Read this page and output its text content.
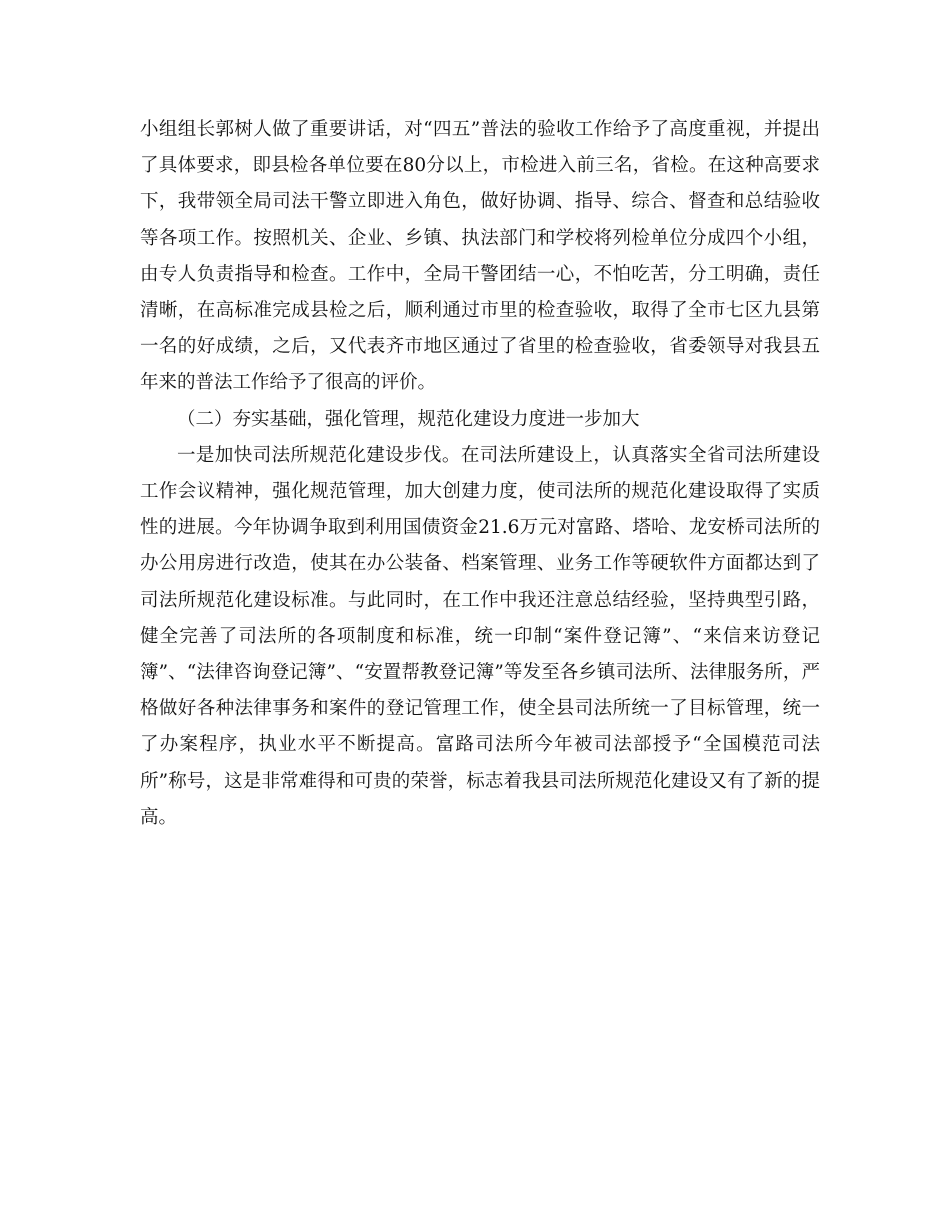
小组组长郭树人做了重要讲话，对“四五”普法的验收工作给予了高度重视，并提出了具体要求，即县检各单位要在80分以上，市检进入前三名，省检。在这种高要求下，我带领全局司法干警立即进入角色，做好协调、指导、综合、督查和总结验收等各项工作。按照机关、企业、乡镇、执法部门和学校将列检单位分成四个小组，由专人负责指导和检查。工作中，全局干警团结一心，不怕吃苦，分工明确，责任清晰，在高标准完成县检之后，顺利通过市里的检查验收，取得了全市七区九县第一名的好成绩，之后，又代表齐市地区通过了省里的检查验收，省委领导对我县五年来的普法工作给予了很高的评价。

（二）夯实基础，强化管理，规范化建设力度进一步加大

一是加快司法所规范化建设步伐。在司法所建设上，认真落实全省司法所建设工作会议精神，强化规范管理，加大创建力度，使司法所的规范化建设取得了实质性的进展。今年协调争取到利用国债资金21.6万元对富路、塔哈、龙安桥司法所的办公用房进行改造，使其在办公装备、档案管理、业务工作等硬软件方面都达到了司法所规范化建设标准。与此同时，在工作中我还注意总结经验，坚持典型引路，健全完善了司法所的各项制度和标准，统一印制“案件登记簿”、“来信来访登记簿”、“法律咨询登记簿”、“安置帮教登记簿”等发至各乡镇司法所、法律服务所，严格做好各种法律事务和案件的登记管理工作，使全县司法所统一了目标管理，统一了办案程序，执业水平不断提高。富路司法所今年被司法部授予“全国模范司法所”称号，这是非常难得和可贵的荣誉，标志着我县司法所规范化建设又有了新的提高。
